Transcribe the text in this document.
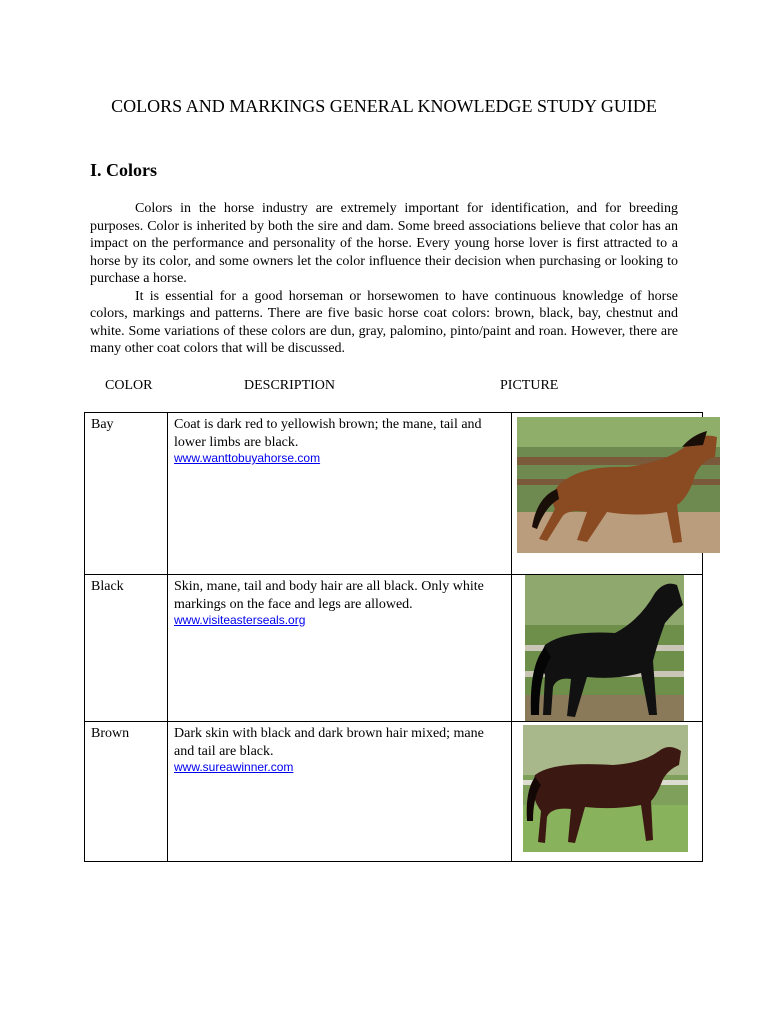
COLORS AND MARKINGS GENERAL KNOWLEDGE STUDY GUIDE
I. Colors

Colors in the horse industry are extremely important for identification, and for breeding purposes. Color is inherited by both the sire and dam. Some breed associations believe that color has an impact on the performance and personality of the horse. Every young horse lover is first attracted to a horse by its color, and some owners let the color influence their decision when purchasing or looking to purchase a horse.

It is essential for a good horseman or horsewomen to have continuous knowledge of horse colors, markings and patterns. There are five basic horse coat colors: brown, black, bay, chestnut and white. Some variations of these colors are dun, gray, palomino, pinto/paint and roan. However, there are many other coat colors that will be discussed.

COLOR	DESCRIPTION	PICTURE
Bay	Coat is dark red to yellowish brown; the mane, tail and lower limbs are black.
www.wanttobuyahorse.com

Black	Skin, mane, tail and body hair are all black. Only white markings on the face and legs are allowed.
www.visiteasterseals.org

Brown	Dark skin with black and dark brown hair mixed; mane and tail are black.
www.sureawinner.com
